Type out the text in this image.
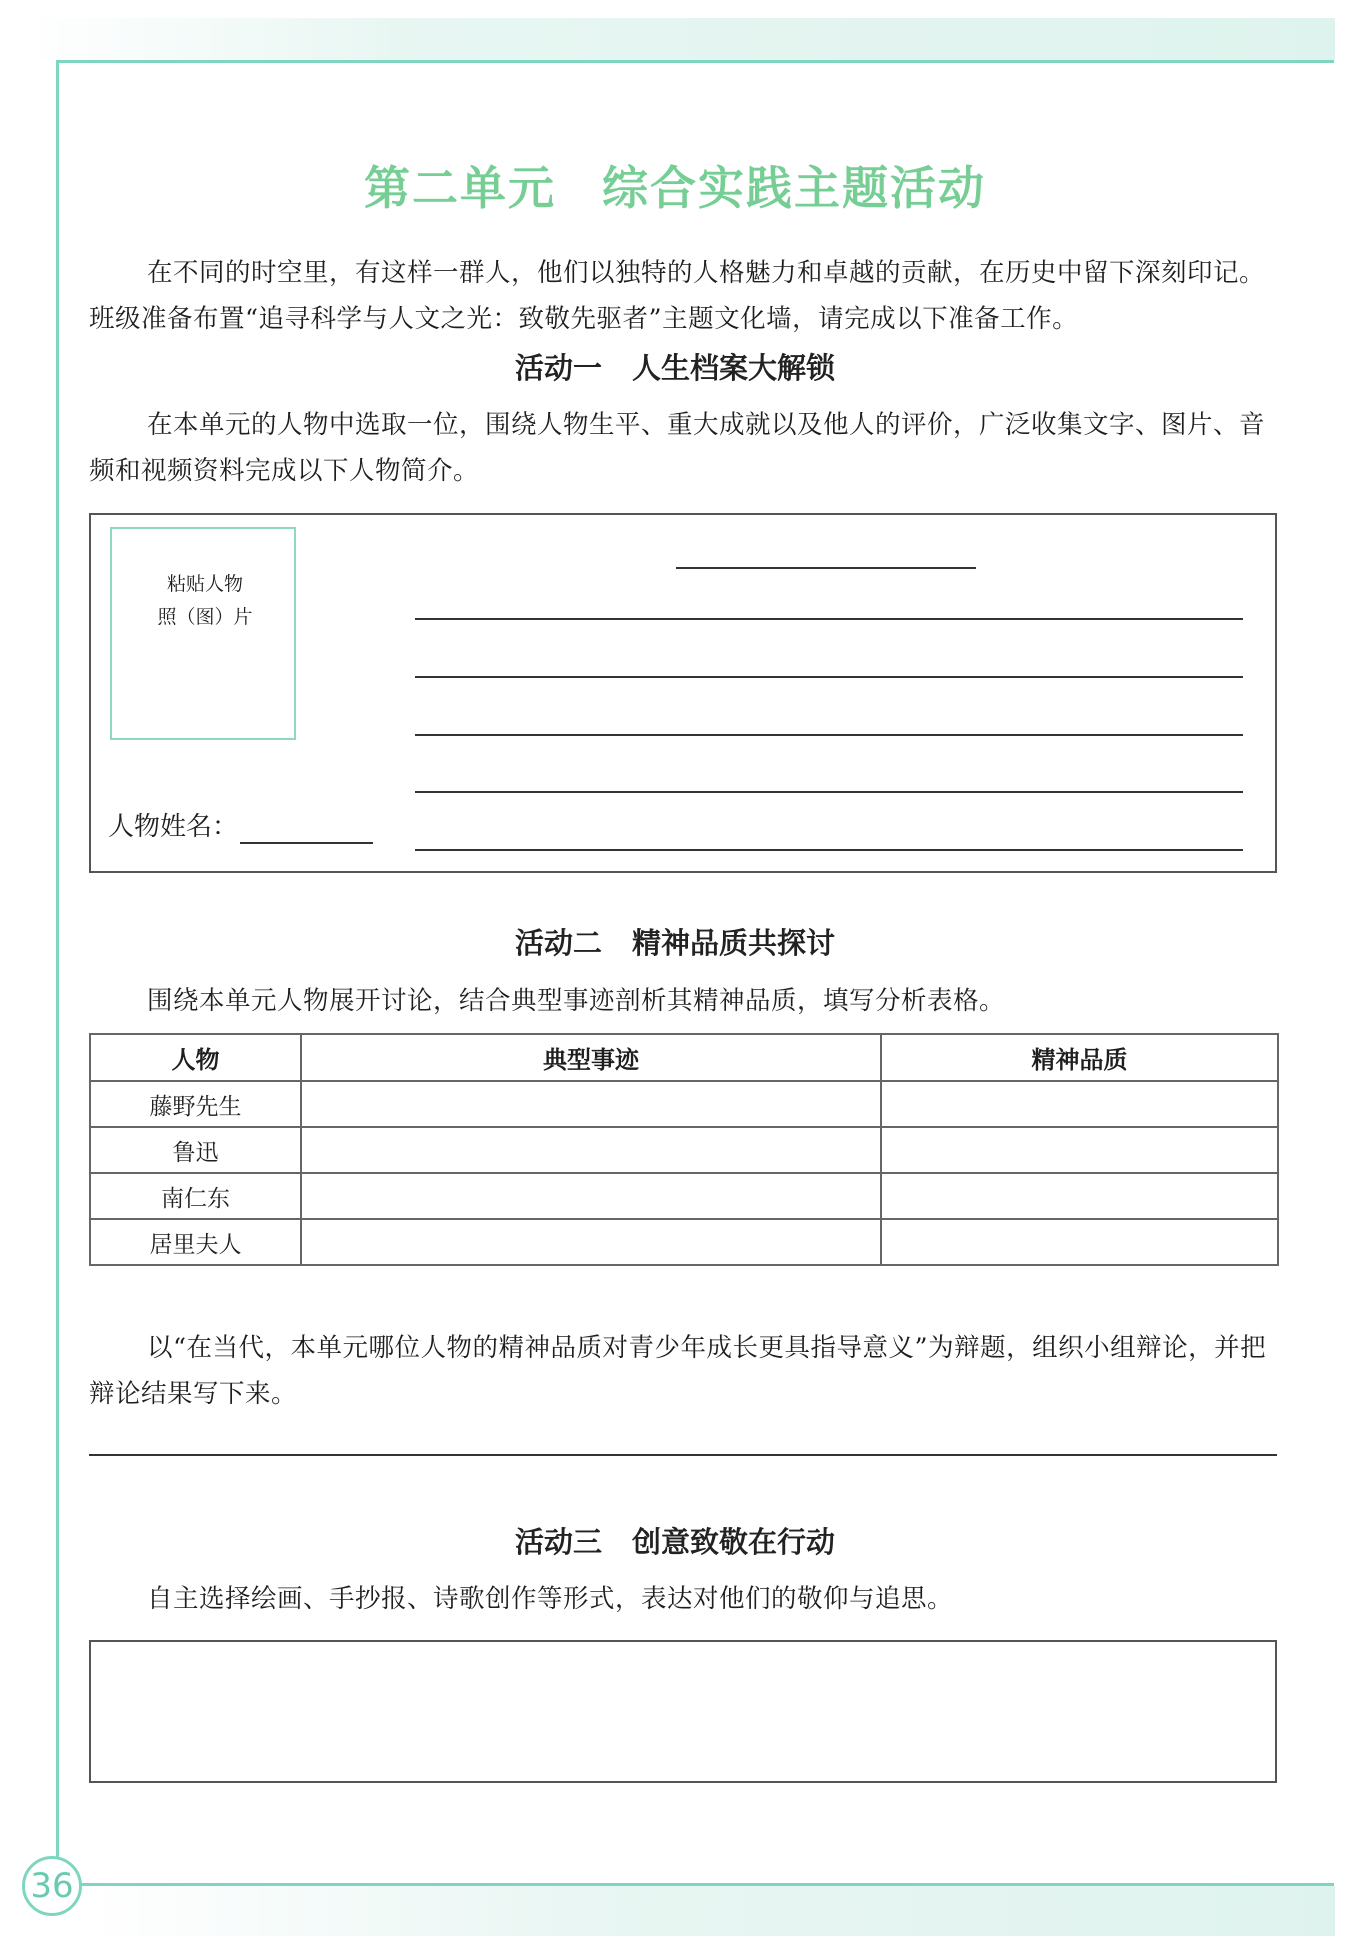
36
第二单元 综合实践主题活动
在不同的时空里，有这样一群人，他们以独特的人格魅力和卓越的贡献，在历史中留下深刻印记。班级准备布置“追寻科学与人文之光：致敬先驱者”主题文化墙，请完成以下准备工作。
活动一 人生档案大解锁
在本单元的人物中选取一位，围绕人物生平、重大成就以及他人的评价，广泛收集文字、图片、音频和视频资料完成以下人物简介。
粘贴人物
照（图）片
人物姓名：
活动二 精神品质共探讨
围绕本单元人物展开讨论，结合典型事迹剖析其精神品质，填写分析表格。
人物	典型事迹	精神品质
藤野先生		
鲁迅		
南仁东		
居里夫人		
以“在当代，本单元哪位人物的精神品质对青少年成长更具指导意义”为辩题，组织小组辩论，并把辩论结果写下来。
活动三 创意致敬在行动
自主选择绘画、手抄报、诗歌创作等形式，表达对他们的敬仰与追思。
